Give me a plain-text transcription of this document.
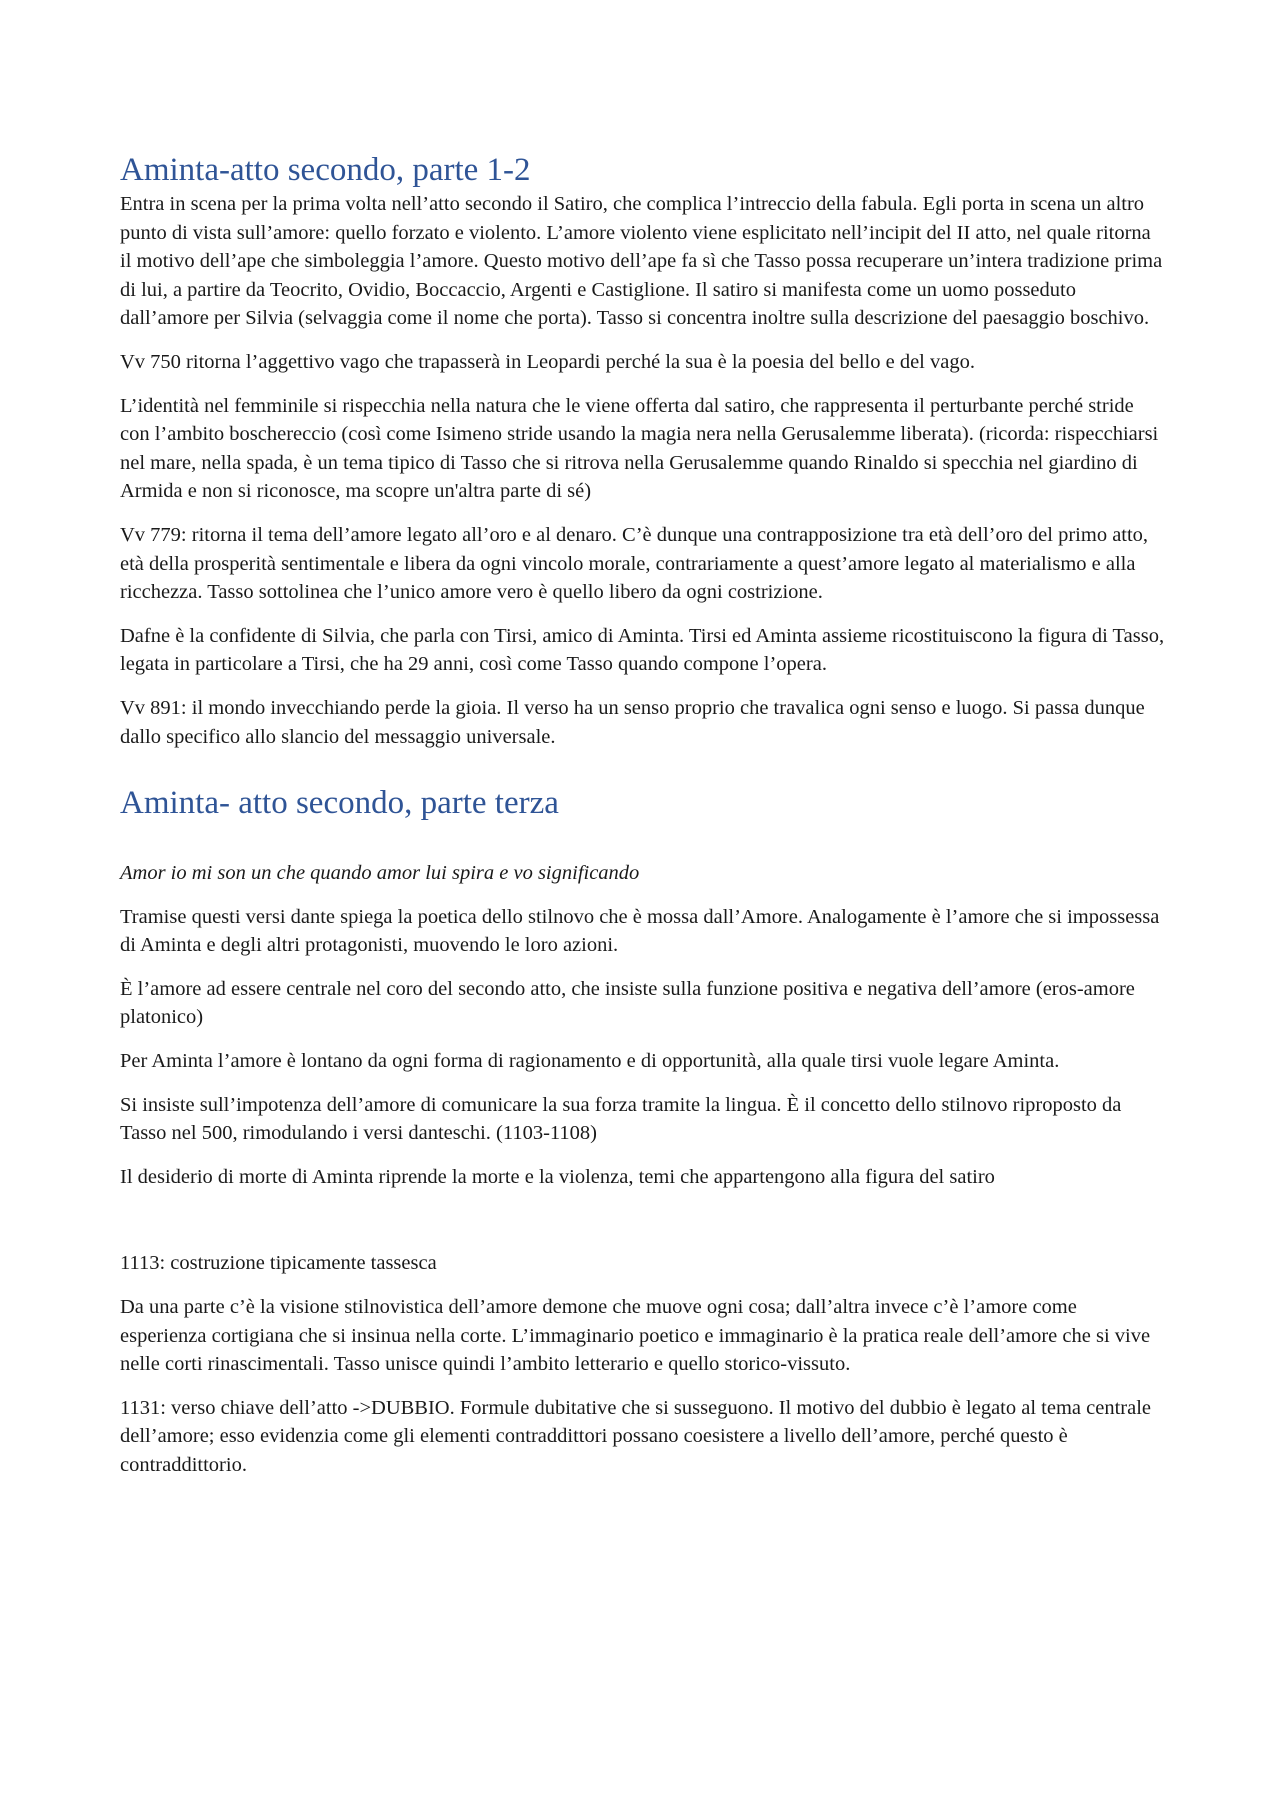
Aminta-atto secondo, parte 1-2

Entra in scena per la prima volta nell’atto secondo il Satiro, che complica l’intreccio della fabula. Egli porta in scena un altro punto di vista sull’amore: quello forzato e violento. L’amore violento viene esplicitato nell’incipit del II atto, nel quale ritorna il motivo dell’ape che simboleggia l’amore. Questo motivo dell’ape fa sì che Tasso possa recuperare un’intera tradizione prima di lui, a partire da Teocrito, Ovidio, Boccaccio, Argenti e Castiglione. Il satiro si manifesta come un uomo posseduto dall’amore per Silvia (selvaggia come il nome che porta). Tasso si concentra inoltre sulla descrizione del paesaggio boschivo.

Vv 750 ritorna l’aggettivo vago che trapasserà in Leopardi perché la sua è la poesia del bello e del vago.

L’identità nel femminile si rispecchia nella natura che le viene offerta dal satiro, che rappresenta il perturbante perché stride con l’ambito boschereccio (così come Isimeno stride usando la magia nera nella Gerusalemme liberata). (ricorda: rispecchiarsi nel mare, nella spada, è un tema tipico di Tasso che si ritrova nella Gerusalemme quando Rinaldo si specchia nel giardino di Armida e non si riconosce, ma scopre un'altra parte di sé)

Vv 779: ritorna il tema dell’amore legato all’oro e al denaro. C’è dunque una contrapposizione tra età dell’oro del primo atto, età della prosperità sentimentale e libera da ogni vincolo morale, contrariamente a quest’amore legato al materialismo e alla ricchezza. Tasso sottolinea che l’unico amore vero è quello libero da ogni costrizione.

Dafne è la confidente di Silvia, che parla con Tirsi, amico di Aminta. Tirsi ed Aminta assieme ricostituiscono la figura di Tasso, legata in particolare a Tirsi, che ha 29 anni, così come Tasso quando compone l’opera.

Vv 891: il mondo invecchiando perde la gioia. Il verso ha un senso proprio che travalica ogni senso e luogo. Si passa dunque dallo specifico allo slancio del messaggio universale.

Aminta- atto secondo, parte terza

Amor io mi son un che quando amor lui spira e vo significando

Tramise questi versi dante spiega la poetica dello stilnovo che è mossa dall’Amore. Analogamente è l’amore che si impossessa di Aminta e degli altri protagonisti, muovendo le loro azioni.

È l’amore ad essere centrale nel coro del secondo atto, che insiste sulla funzione positiva e negativa dell’amore (eros-amore platonico)

Per Aminta l’amore è lontano da ogni forma di ragionamento e di opportunità, alla quale tirsi vuole legare Aminta.

Si insiste sull’impotenza dell’amore di comunicare la sua forza tramite la lingua. È il concetto dello stilnovo riproposto da Tasso nel 500, rimodulando i versi danteschi. (1103-1108)

Il desiderio di morte di Aminta riprende la morte e la violenza, temi che appartengono alla figura del satiro

1113: costruzione tipicamente tassesca

Da una parte c’è la visione stilnovistica dell’amore demone che muove ogni cosa; dall’altra invece c’è l’amore come esperienza cortigiana che si insinua nella corte. L’immaginario poetico e immaginario è la pratica reale dell’amore che si vive nelle corti rinascimentali. Tasso unisce quindi l’ambito letterario e quello storico-vissuto.

1131: verso chiave dell’atto ->DUBBIO. Formule dubitative che si susseguono. Il motivo del dubbio è legato al tema centrale dell’amore; esso evidenzia come gli elementi contraddittori possano coesistere a livello dell’amore, perché questo è contraddittorio.
